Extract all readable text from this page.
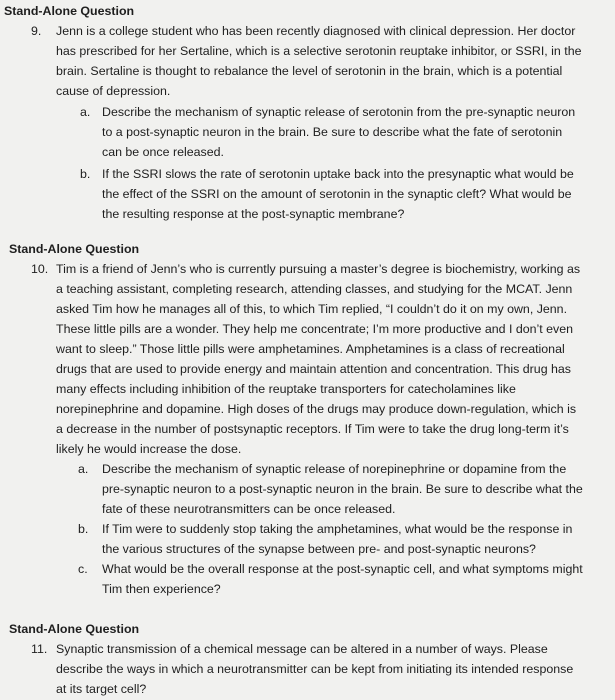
Stand-Alone Question
9. Jenn is a college student who has been recently diagnosed with clinical depression. Her doctor
has prescribed for her Sertaline, which is a selective serotonin reuptake inhibitor, or SSRI, in the
brain. Sertaline is thought to rebalance the level of serotonin in the brain, which is a potential
cause of depression.
a. Describe the mechanism of synaptic release of serotonin from the pre-synaptic neuron
to a post-synaptic neuron in the brain. Be sure to describe what the fate of serotonin
can be once released.
b. If the SSRI slows the rate of serotonin uptake back into the presynaptic what would be
the effect of the SSRI on the amount of serotonin in the synaptic cleft? What would be
the resulting response at the post-synaptic membrane?
Stand-Alone Question
10. Tim is a friend of Jenn’s who is currently pursuing a master’s degree is biochemistry, working as
a teaching assistant, completing research, attending classes, and studying for the MCAT. Jenn
asked Tim how he manages all of this, to which Tim replied, “I couldn’t do it on my own, Jenn.
These little pills are a wonder. They help me concentrate; I’m more productive and I don’t even
want to sleep.” Those little pills were amphetamines. Amphetamines is a class of recreational
drugs that are used to provide energy and maintain attention and concentration. This drug has
many effects including inhibition of the reuptake transporters for catecholamines like
norepinephrine and dopamine. High doses of the drugs may produce down-regulation, which is
a decrease in the number of postsynaptic receptors. If Tim were to take the drug long-term it’s
likely he would increase the dose.
a. Describe the mechanism of synaptic release of norepinephrine or dopamine from the
pre-synaptic neuron to a post-synaptic neuron in the brain. Be sure to describe what the
fate of these neurotransmitters can be once released.
b. If Tim were to suddenly stop taking the amphetamines, what would be the response in
the various structures of the synapse between pre- and post-synaptic neurons?
c. What would be the overall response at the post-synaptic cell, and what symptoms might
Tim then experience?
Stand-Alone Question
11. Synaptic transmission of a chemical message can be altered in a number of ways. Please
describe the ways in which a neurotransmitter can be kept from initiating its intended response
at its target cell?
